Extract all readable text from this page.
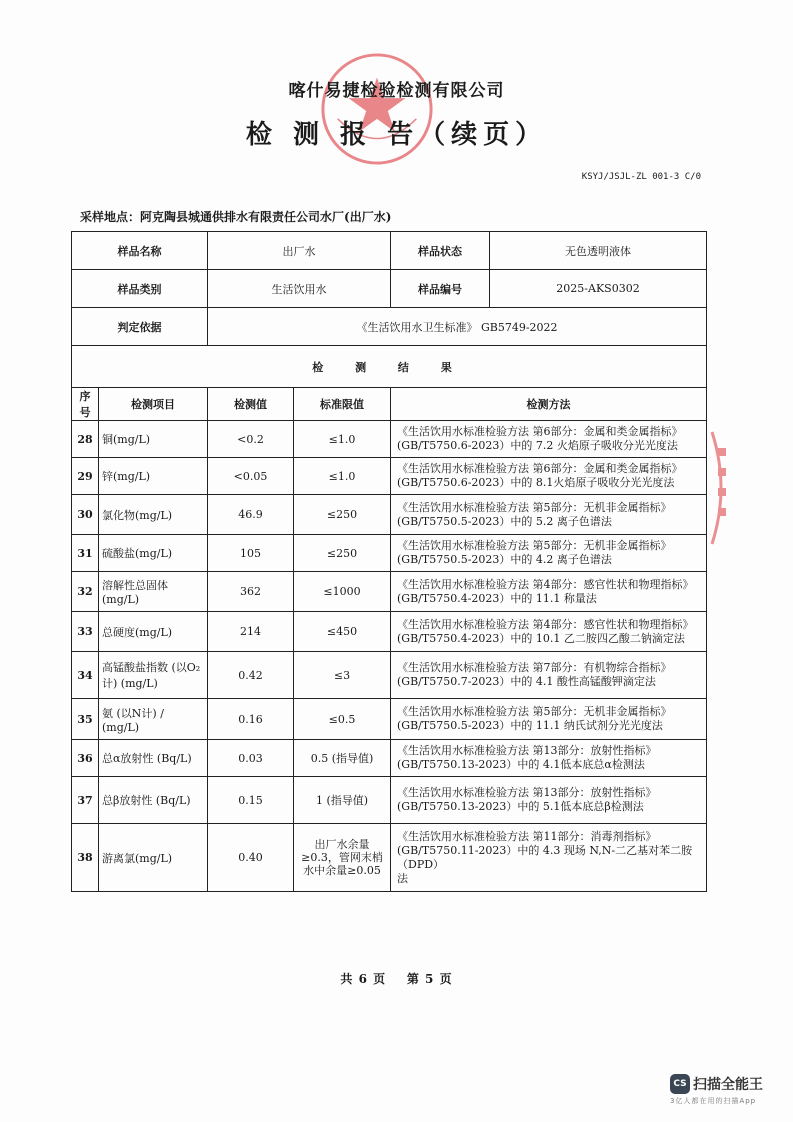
喀什易捷检验检测有限公司
检 测 报 告（续页）
KSYJ/JSJL-ZL 001-3 C/0
采样地点：阿克陶县城通供排水有限责任公司水厂(出厂水)
样品名称		出厂水		样品状态	无色透明液体
样品类别		生活饮用水		样品编号	2025-AKS0302
判定依据		《生活饮用水卫生标准》 GB5749-2022			
检 测 结 果					
序号	检测项目	检测值	标准限值	检测方法	
28	铜(mg/L)	<0.2	≤1.0	《生活饮用水标准检验方法 第6部分：金属和类金属指标》
(GB/T5750.6-2023）中的 7.2 火焰原子吸收分光光度法	

29	锌(mg/L)	<0.05	≤1.0	《生活饮用水标准检验方法 第6部分：金属和类金属指标》
(GB/T5750.6-2023）中的 8.1火焰原子吸收分光光度法	

30	氯化物(mg/L)	46.9	≤250	《生活饮用水标准检验方法 第5部分：无机非金属指标》
(GB/T5750.5-2023）中的 5.2 离子色谱法	

31	硫酸盐(mg/L)	105	≤250	《生活饮用水标准检验方法 第5部分：无机非金属指标》
(GB/T5750.5-2023）中的 4.2 离子色谱法	

32	溶解性总固体 (mg/L)	362	≤1000	《生活饮用水标准检验方法 第4部分：感官性状和物理指标》
(GB/T5750.4-2023）中的 11.1 称量法	

33	总硬度(mg/L)	214	≤450	《生活饮用水标准检验方法 第4部分：感官性状和物理指标》
(GB/T5750.4-2023）中的 10.1 乙二胺四乙酸二钠滴定法	

34	高锰酸盐指数 (以O₂计) (mg/L)	0.42	≤3	《生活饮用水标准检验方法 第7部分：有机物综合指标》
(GB/T5750.7-2023）中的 4.1 酸性高锰酸钾滴定法	

35	氨 (以N计) / (mg/L)	0.16	≤0.5	《生活饮用水标准检验方法 第5部分：无机非金属指标》
(GB/T5750.5-2023）中的 11.1 纳氏试剂分光光度法	

36	总α放射性 (Bq/L)	0.03	0.5 (指导值)	《生活饮用水标准检验方法 第13部分：放射性指标》
(GB/T5750.13-2023）中的 4.1低本底总α检测法	

37	总β放射性 (Bq/L)	0.15	1 (指导值)	《生活饮用水标准检验方法 第13部分：放射性指标》
(GB/T5750.13-2023）中的 5.1低本底总β检测法	

38	游离氯(mg/L)	0.40	出厂水余量≥0.3，管网末梢水中余量≥0.05	《生活饮用水标准检验方法 第11部分：消毒剂指标》
(GB/T5750.11-2023）中的 4.3 现场 N,N-二乙基对苯二胺（DPD）
法	
共 6 页 第 5 页
CS 扫描全能王
3亿人都在用的扫描App
